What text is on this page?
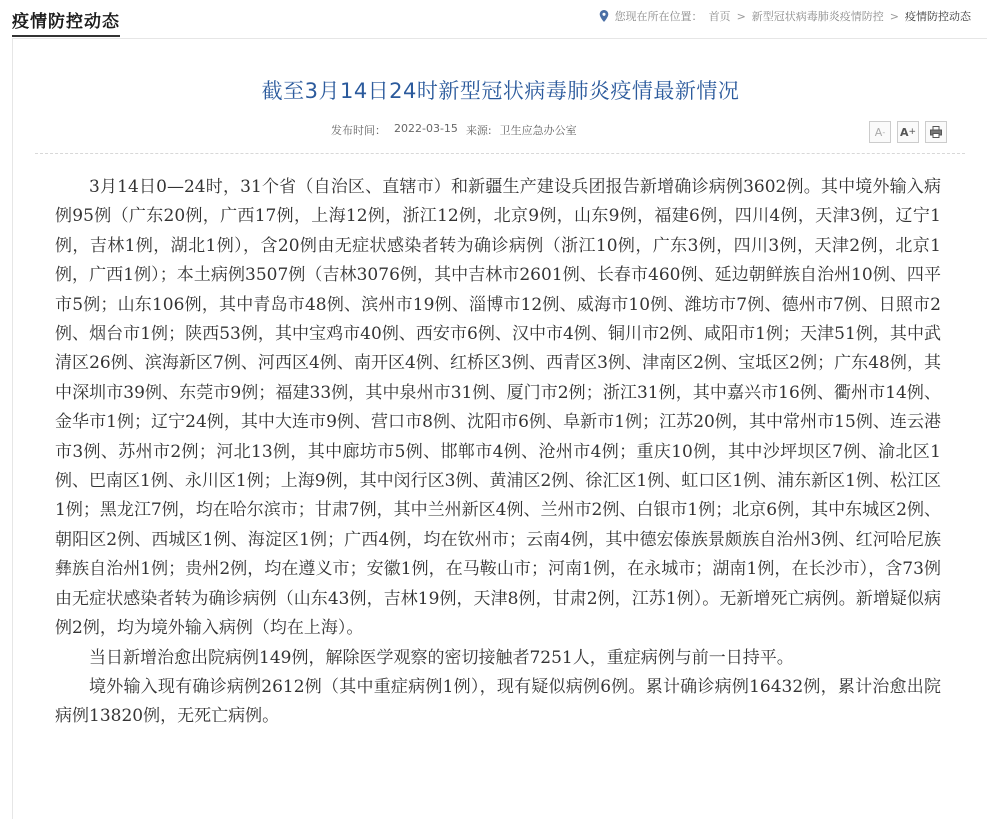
疫情防控动态	您现在所在位置： 首页 > 新型冠状病毒肺炎疫情防控 > 疫情防控动态
截至3月14日24时新型冠状病毒肺炎疫情最新情况
发布时间： 2022-03-15 来源: 卫生应急办公室	A - A +

3月14日0—24时，31个省（自治区、直辖市）和新疆生产建设兵团报告新增确诊病例3602例。其中境外输入病例95例（广东20例，广西17例，上海12例，浙江12例，北京9例，山东9例，福建6例，四川4例，天津3例，辽宁1例，吉林1例，湖北1例），含20例由无症状感染者转为确诊病例（浙江10例，广东3例，四川3例，天津2例，北京1例，广西1例）；本土病例3507例（吉林3076例，其中吉林市2601例、长春市460例、延边朝鲜族自治州10例、四平市5例；山东106例，其中青岛市48例、滨州市19例、淄博市12例、威海市10例、潍坊市7例、德州市7例、日照市2例、烟台市1例；陕西53例，其中宝鸡市40例、西安市6例、汉中市4例、铜川市2例、咸阳市1例；天津51例，其中武清区26例、滨海新区7例、河西区4例、南开区4例、红桥区3例、西青区3例、津南区2例、宝坻区2例；广东48例，其中深圳市39例、东莞市9例；福建33例，其中泉州市31例、厦门市2例；浙江31例，其中嘉兴市16例、衢州市14例、金华市1例；辽宁24例，其中大连市9例、营口市8例、沈阳市6例、阜新市1例；江苏20例，其中常州市15例、连云港市3例、苏州市2例；河北13例，其中廊坊市5例、邯郸市4例、沧州市4例；重庆10例，其中沙坪坝区7例、渝北区1例、巴南区1例、永川区1例；上海9例，其中闵行区3例、黄浦区2例、徐汇区1例、虹口区1例、浦东新区1例、松江区1例；黑龙江7例，均在哈尔滨市；甘肃7例，其中兰州新区4例、兰州市2例、白银市1例；北京6例，其中东城区2例、朝阳区2例、西城区1例、海淀区1例；广西4例，均在钦州市；云南4例，其中德宏傣族景颇族自治州3例、红河哈尼族彝族自治州1例；贵州2例，均在遵义市；安徽1例，在马鞍山市；河南1例，在永城市；湖南1例，在长沙市），含73例由无症状感染者转为确诊病例（山东43例，吉林19例，天津8例，甘肃2例，江苏1例）。无新增死亡病例。新增疑似病例2例，均为境外输入病例（均在上海）。

当日新增治愈出院病例149例，解除医学观察的密切接触者7251人，重症病例与前一日持平。

境外输入现有确诊病例2612例（其中重症病例1例），现有疑似病例6例。累计确诊病例16432例，累计治愈出院病例13820例，无死亡病例。
